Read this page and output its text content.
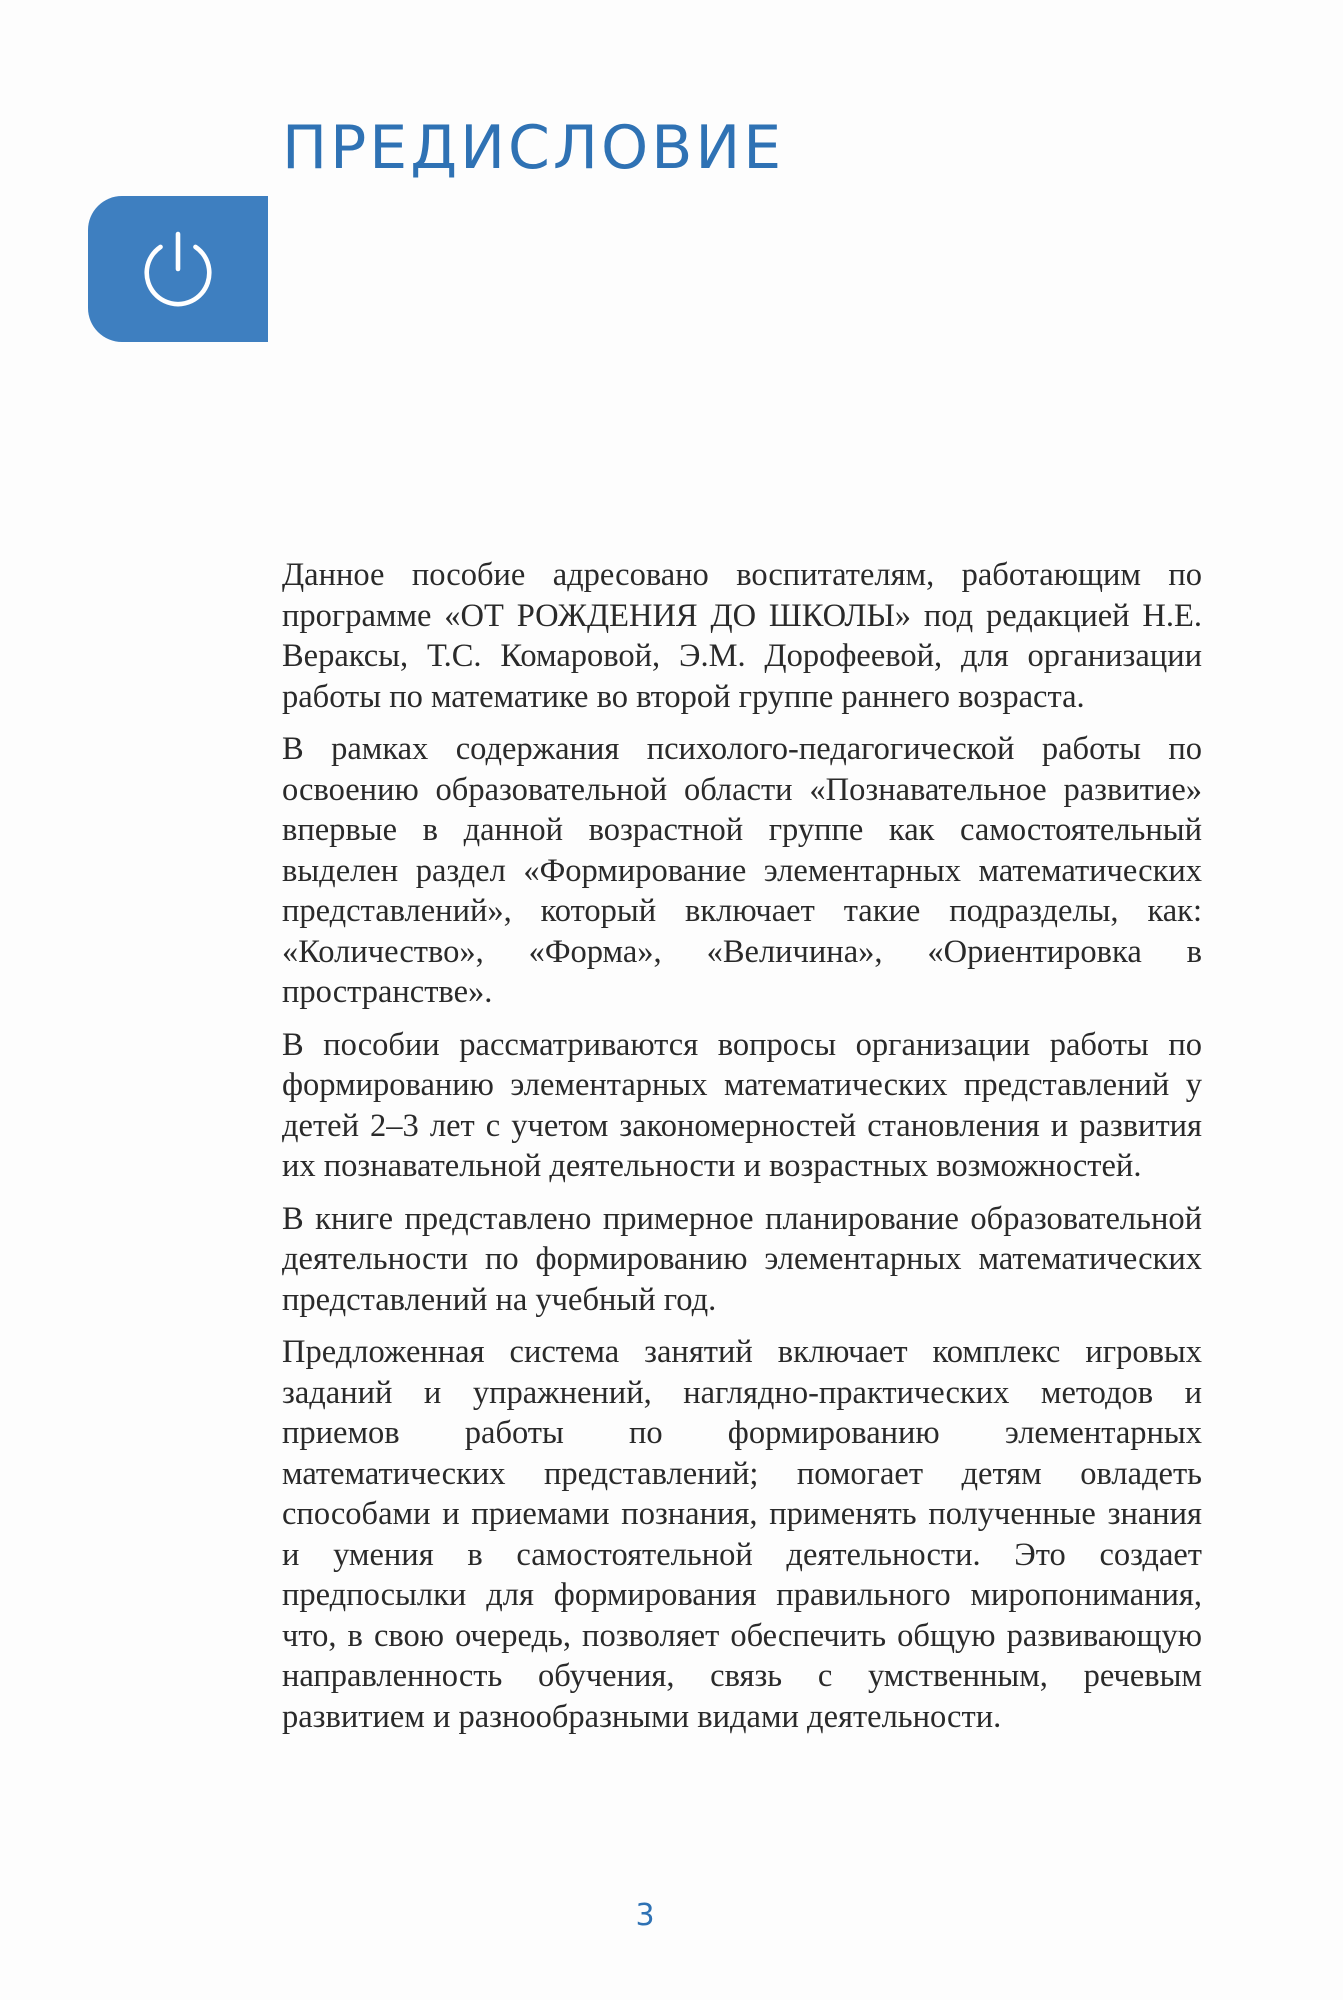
ПРЕДИСЛОВИЕ

Данное пособие адресовано воспитателям, работающим по программе «ОТ РОЖДЕНИЯ ДО ШКОЛЫ» под редакцией Н.Е. Вераксы, Т.С. Комаровой, Э.М. Дорофеевой, для организации работы по математике во второй группе раннего возраста.

В рамках содержания психолого-педагогической работы по освоению образовательной области «Познавательное развитие» впервые в данной возрастной группе как самостоятельный выделен раздел «Формирование элементарных математических представлений», который включает такие подразделы, как: «Количество», «Форма», «Величина», «Ориентировка в пространстве».

В пособии рассматриваются вопросы организации работы по формированию элементарных математических представлений у детей 2–3 лет с учетом закономерностей становления и развития их познавательной деятельности и возрастных возможностей.

В книге представлено примерное планирование образовательной деятельности по формированию элементарных математических представлений на учебный год.

Предложенная система занятий включает комплекс игровых заданий и упражнений, наглядно-практических методов и приемов работы по формированию элементарных математических представлений; помогает детям овладеть способами и приемами познания, применять полученные знания и умения в самостоятельной деятельности. Это создает предпосылки для формирования правильного миропонимания, что, в свою очередь, позволяет обеспечить общую развивающую направленность обучения, связь с умственным, речевым развитием и разнообразными видами деятельности.

3
